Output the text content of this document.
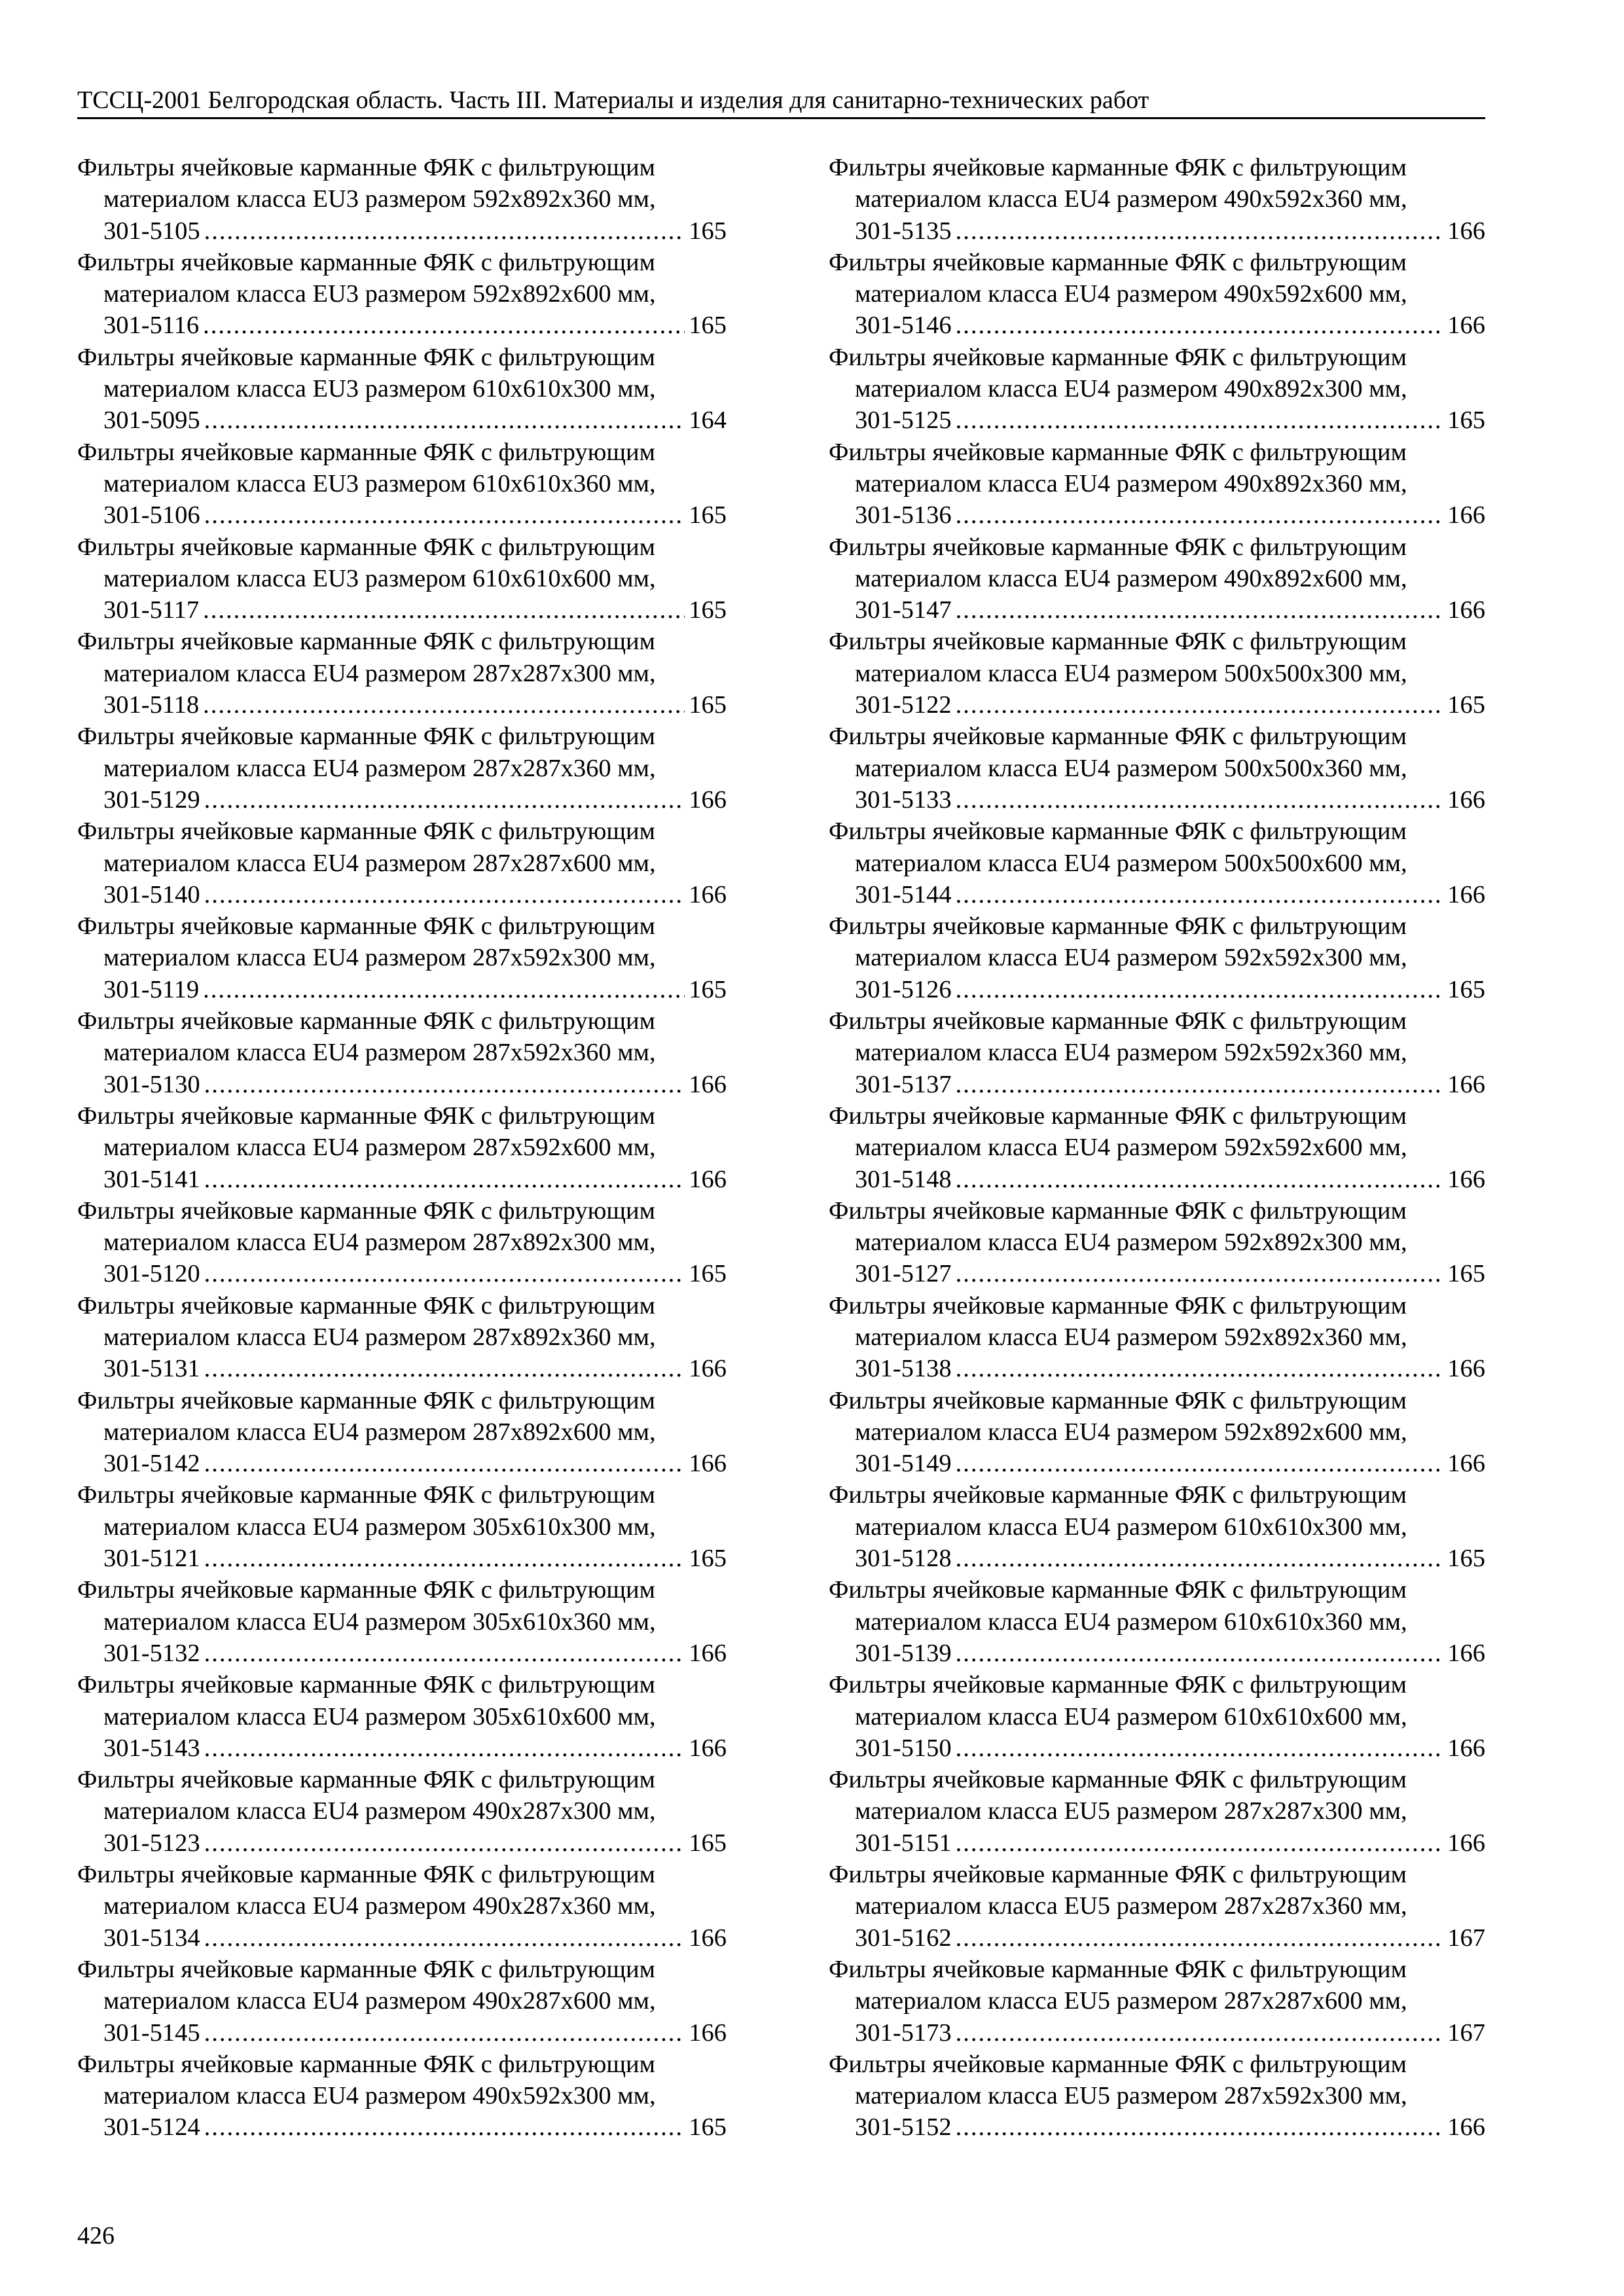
ТССЦ-2001 Белгородская область. Часть III. Материалы и изделия для санитарно-технических работ
Фильтры ячейковые карманные ФЯК с фильтрующим
материалом класса EU3 размером 592х892х360 мм,
301-5105 .....	165
Фильтры ячейковые карманные ФЯК с фильтрующим
материалом класса EU3 размером 592х892х600 мм,
301-5116 .....	165
Фильтры ячейковые карманные ФЯК с фильтрующим
материалом класса EU3 размером 610х610х300 мм,
301-5095 .....	164
Фильтры ячейковые карманные ФЯК с фильтрующим
материалом класса EU3 размером 610х610х360 мм,
301-5106 .....	165
Фильтры ячейковые карманные ФЯК с фильтрующим
материалом класса EU3 размером 610х610х600 мм,
301-5117 .....	165
Фильтры ячейковые карманные ФЯК с фильтрующим
материалом класса EU4 размером 287х287х300 мм,
301-5118 .....	165
Фильтры ячейковые карманные ФЯК с фильтрующим
материалом класса EU4 размером 287х287х360 мм,
301-5129 .....	166
Фильтры ячейковые карманные ФЯК с фильтрующим
материалом класса EU4 размером 287х287х600 мм,
301-5140 .....	166
Фильтры ячейковые карманные ФЯК с фильтрующим
материалом класса EU4 размером 287х592х300 мм,
301-5119 .....	165
Фильтры ячейковые карманные ФЯК с фильтрующим
материалом класса EU4 размером 287х592х360 мм,
301-5130 .....	166
Фильтры ячейковые карманные ФЯК с фильтрующим
материалом класса EU4 размером 287х592х600 мм,
301-5141 .....	166
Фильтры ячейковые карманные ФЯК с фильтрующим
материалом класса EU4 размером 287х892х300 мм,
301-5120 .....	165
Фильтры ячейковые карманные ФЯК с фильтрующим
материалом класса EU4 размером 287х892х360 мм,
301-5131 .....	166
Фильтры ячейковые карманные ФЯК с фильтрующим
материалом класса EU4 размером 287х892х600 мм,
301-5142 .....	166
Фильтры ячейковые карманные ФЯК с фильтрующим
материалом класса EU4 размером 305х610х300 мм,
301-5121 .....	165
Фильтры ячейковые карманные ФЯК с фильтрующим
материалом класса EU4 размером 305х610х360 мм,
301-5132 .....	166
Фильтры ячейковые карманные ФЯК с фильтрующим
материалом класса EU4 размером 305х610х600 мм,
301-5143 .....	166
Фильтры ячейковые карманные ФЯК с фильтрующим
материалом класса EU4 размером 490х287х300 мм,
301-5123 .....	165
Фильтры ячейковые карманные ФЯК с фильтрующим
материалом класса EU4 размером 490х287х360 мм,
301-5134 .....	166
Фильтры ячейковые карманные ФЯК с фильтрующим
материалом класса EU4 размером 490х287х600 мм,
301-5145 .....	166
Фильтры ячейковые карманные ФЯК с фильтрующим
материалом класса EU4 размером 490х592х300 мм,
301-5124 .....	165
Фильтры ячейковые карманные ФЯК с фильтрующим
материалом класса EU4 размером 490х592х360 мм,
301-5135 .....	166
Фильтры ячейковые карманные ФЯК с фильтрующим
материалом класса EU4 размером 490х592х600 мм,
301-5146 .....	166
Фильтры ячейковые карманные ФЯК с фильтрующим
материалом класса EU4 размером 490х892х300 мм,
301-5125 .....	165
Фильтры ячейковые карманные ФЯК с фильтрующим
материалом класса EU4 размером 490х892х360 мм,
301-5136 .....	166
Фильтры ячейковые карманные ФЯК с фильтрующим
материалом класса EU4 размером 490х892х600 мм,
301-5147 .....	166
Фильтры ячейковые карманные ФЯК с фильтрующим
материалом класса EU4 размером 500х500х300 мм,
301-5122 .....	165
Фильтры ячейковые карманные ФЯК с фильтрующим
материалом класса EU4 размером 500х500х360 мм,
301-5133 .....	166
Фильтры ячейковые карманные ФЯК с фильтрующим
материалом класса EU4 размером 500х500х600 мм,
301-5144 .....	166
Фильтры ячейковые карманные ФЯК с фильтрующим
материалом класса EU4 размером 592х592х300 мм,
301-5126 .....	165
Фильтры ячейковые карманные ФЯК с фильтрующим
материалом класса EU4 размером 592х592х360 мм,
301-5137 .....	166
Фильтры ячейковые карманные ФЯК с фильтрующим
материалом класса EU4 размером 592х592х600 мм,
301-5148 .....	166
Фильтры ячейковые карманные ФЯК с фильтрующим
материалом класса EU4 размером 592х892х300 мм,
301-5127 .....	165
Фильтры ячейковые карманные ФЯК с фильтрующим
материалом класса EU4 размером 592х892х360 мм,
301-5138 .....	166
Фильтры ячейковые карманные ФЯК с фильтрующим
материалом класса EU4 размером 592х892х600 мм,
301-5149 .....	166
Фильтры ячейковые карманные ФЯК с фильтрующим
материалом класса EU4 размером 610х610х300 мм,
301-5128 .....	165
Фильтры ячейковые карманные ФЯК с фильтрующим
материалом класса EU4 размером 610х610х360 мм,
301-5139 .....	166
Фильтры ячейковые карманные ФЯК с фильтрующим
материалом класса EU4 размером 610х610х600 мм,
301-5150 .....	166
Фильтры ячейковые карманные ФЯК с фильтрующим
материалом класса EU5 размером 287х287х300 мм,
301-5151 .....	166
Фильтры ячейковые карманные ФЯК с фильтрующим
материалом класса EU5 размером 287х287х360 мм,
301-5162 .....	167
Фильтры ячейковые карманные ФЯК с фильтрующим
материалом класса EU5 размером 287х287х600 мм,
301-5173 .....	167
Фильтры ячейковые карманные ФЯК с фильтрующим
материалом класса EU5 размером 287х592х300 мм,
301-5152 .....	166
426
